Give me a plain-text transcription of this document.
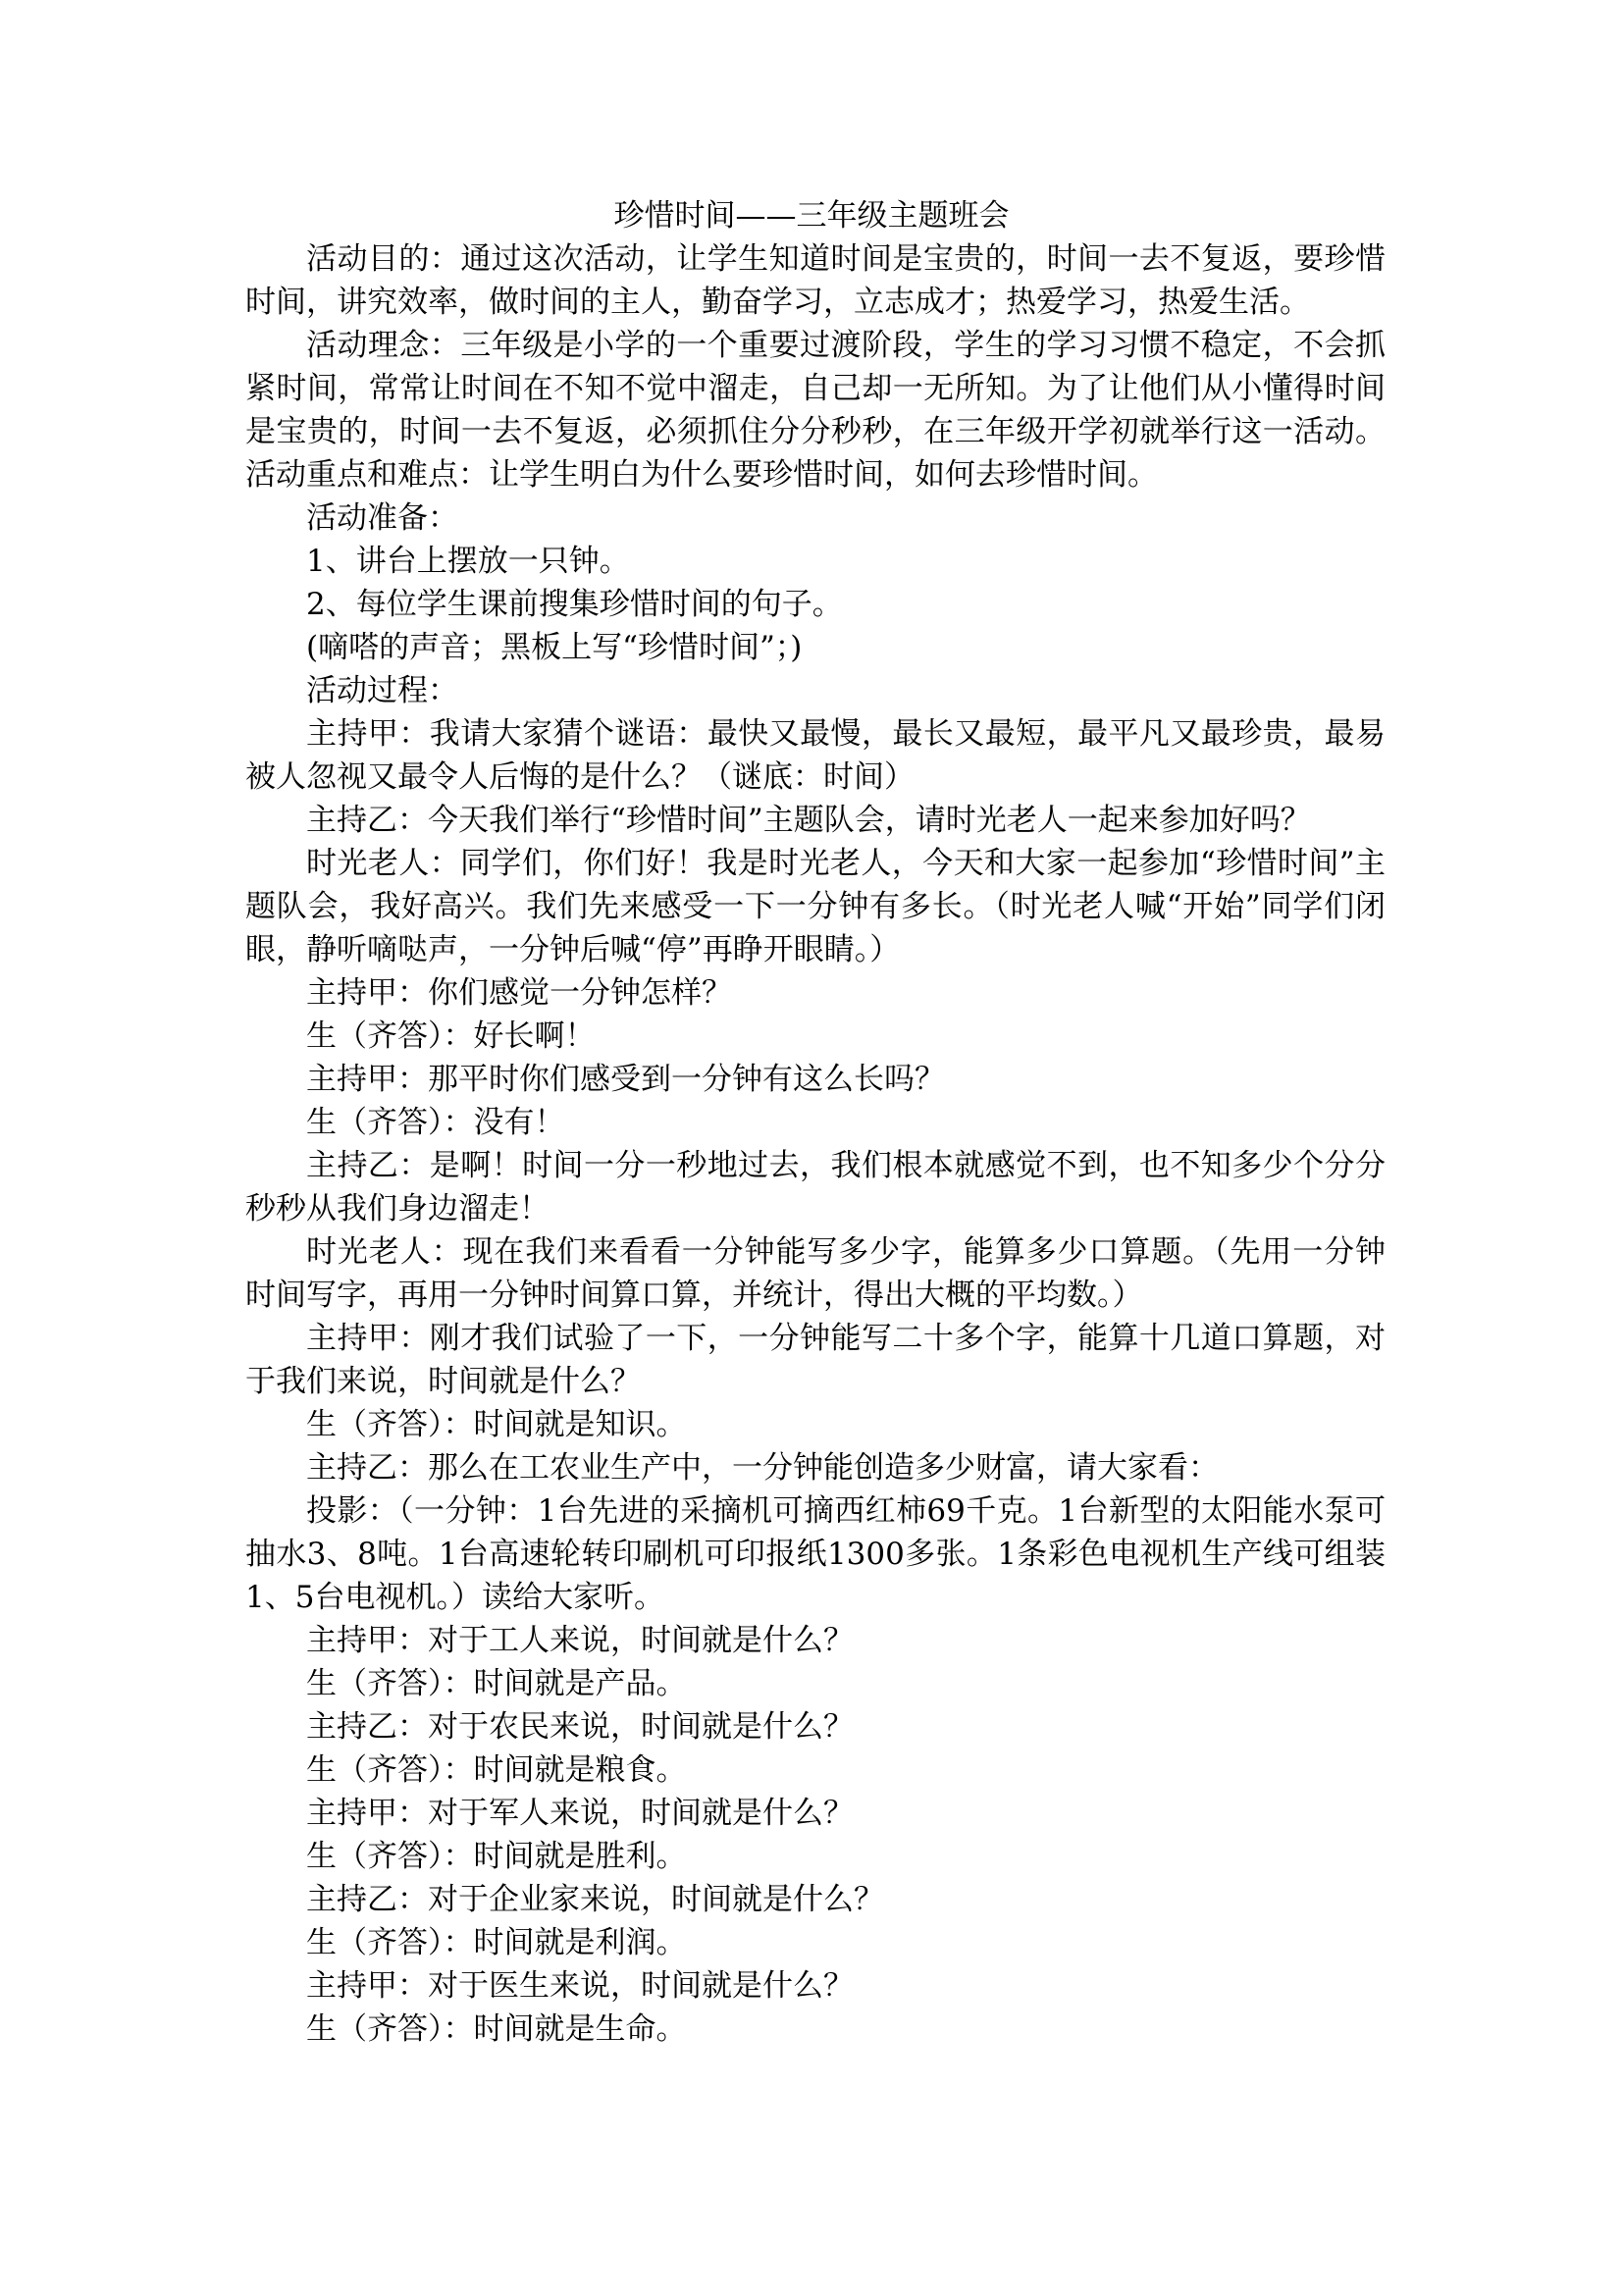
珍惜时间——三年级主题班会

活动目的：通过这次活动，让学生知道时间是宝贵的，时间一去不复返，要珍惜时间，讲究效率，做时间的主人，勤奋学习，立志成才；热爱学习，热爱生活。

活动理念：三年级是小学的一个重要过渡阶段，学生的学习习惯不稳定，不会抓紧时间，常常让时间在不知不觉中溜走，自己却一无所知。为了让他们从小懂得时间是宝贵的，时间一去不复返，必须抓住分分秒秒，在三年级开学初就举行这一活动。活动重点和难点：让学生明白为什么要珍惜时间，如何去珍惜时间。

活动准备：

1、讲台上摆放一只钟。

2、每位学生课前搜集珍惜时间的句子。

(嘀嗒的声音；黑板上写“珍惜时间”；)

活动过程：

主持甲：我请大家猜个谜语：最快又最慢，最长又最短，最平凡又最珍贵，最易被人忽视又最令人后悔的是什么？（谜底：时间）

主持乙：今天我们举行“珍惜时间”主题队会，请时光老人一起来参加好吗？

时光老人：同学们，你们好！我是时光老人，今天和大家一起参加“珍惜时间”主题队会，我好高兴。我们先来感受一下一分钟有多长。（时光老人喊“开始”同学们闭眼，静听嘀哒声，一分钟后喊“停”再睁开眼睛。）

主持甲：你们感觉一分钟怎样？

生（齐答）：好长啊！

主持甲：那平时你们感受到一分钟有这么长吗？

生（齐答）：没有！

主持乙：是啊！时间一分一秒地过去，我们根本就感觉不到，也不知多少个分分秒秒从我们身边溜走！

时光老人：现在我们来看看一分钟能写多少字，能算多少口算题。（先用一分钟时间写字，再用一分钟时间算口算，并统计，得出大概的平均数。）

主持甲：刚才我们试验了一下，一分钟能写二十多个字，能算十几道口算题，对于我们来说，时间就是什么？

生（齐答）：时间就是知识。

主持乙：那么在工农业生产中，一分钟能创造多少财富，请大家看：

投影：（一分钟：1台先进的采摘机可摘西红柿69千克。1台新型的太阳能水泵可抽水3、8吨。1台高速轮转印刷机可印报纸1300多张。1条彩色电视机生产线可组装1、5台电视机。）读给大家听。

主持甲：对于工人来说，时间就是什么？

生（齐答）：时间就是产品。

主持乙：对于农民来说，时间就是什么？

生（齐答）：时间就是粮食。

主持甲：对于军人来说，时间就是什么？

生（齐答）：时间就是胜利。

主持乙：对于企业家来说，时间就是什么？

生（齐答）：时间就是利润。

主持甲：对于医生来说，时间就是什么？

生（齐答）：时间就是生命。
